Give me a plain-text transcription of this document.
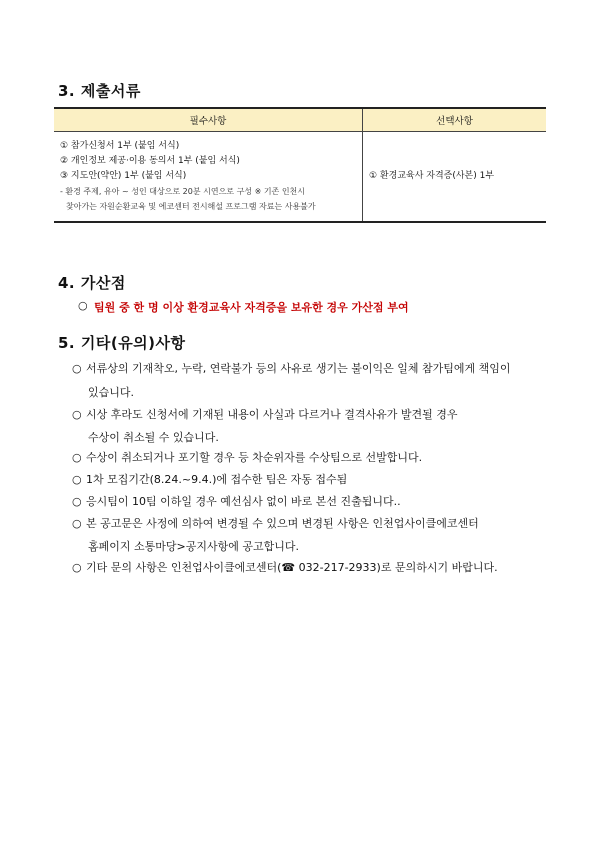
3. 제출서류
필수사항	선택사항

① 참가신청서 1부 (붙임 서식)
② 개인정보 제공·이용 동의서 1부 (붙임 서식)
③ 지도안(약안) 1부 (붙임 서식)
- 환경 주제, 유아 ~ 성인 대상으로 20분 시연으로 구성 ※ 기존 인천시
찾아가는 자원순환교육 및 에코센터 전시해설 프로그램 자료는 사용불가	① 환경교육사 자격증(사본) 1부
4. 가산점
○ 팀원 중 한 명 이상 환경교육사 자격증을 보유한 경우 가산점 부여
5. 기타(유의)사항
○ 서류상의 기재착오, 누락, 연락불가 등의 사유로 생기는 불이익은 일체 참가팀에게 책임이
있습니다.
○ 시상 후라도 신청서에 기재된 내용이 사실과 다르거나 결격사유가 발견될 경우
수상이 취소될 수 있습니다.
○ 수상이 취소되거나 포기할 경우 등 차순위자를 수상팀으로 선발합니다.
○ 1차 모집기간(8.24.~9.4.)에 접수한 팀은 자동 접수됨
○ 응시팀이 10팀 이하일 경우 예선심사 없이 바로 본선 진출됩니다..
○ 본 공고문은 사정에 의하여 변경될 수 있으며 변경된 사항은 인천업사이클에코센터
홈페이지 소통마당>공지사항에 공고합니다.
○ 기타 문의 사항은 인천업사이클에코센터(☎ 032-217-2933)로 문의하시기 바랍니다.
